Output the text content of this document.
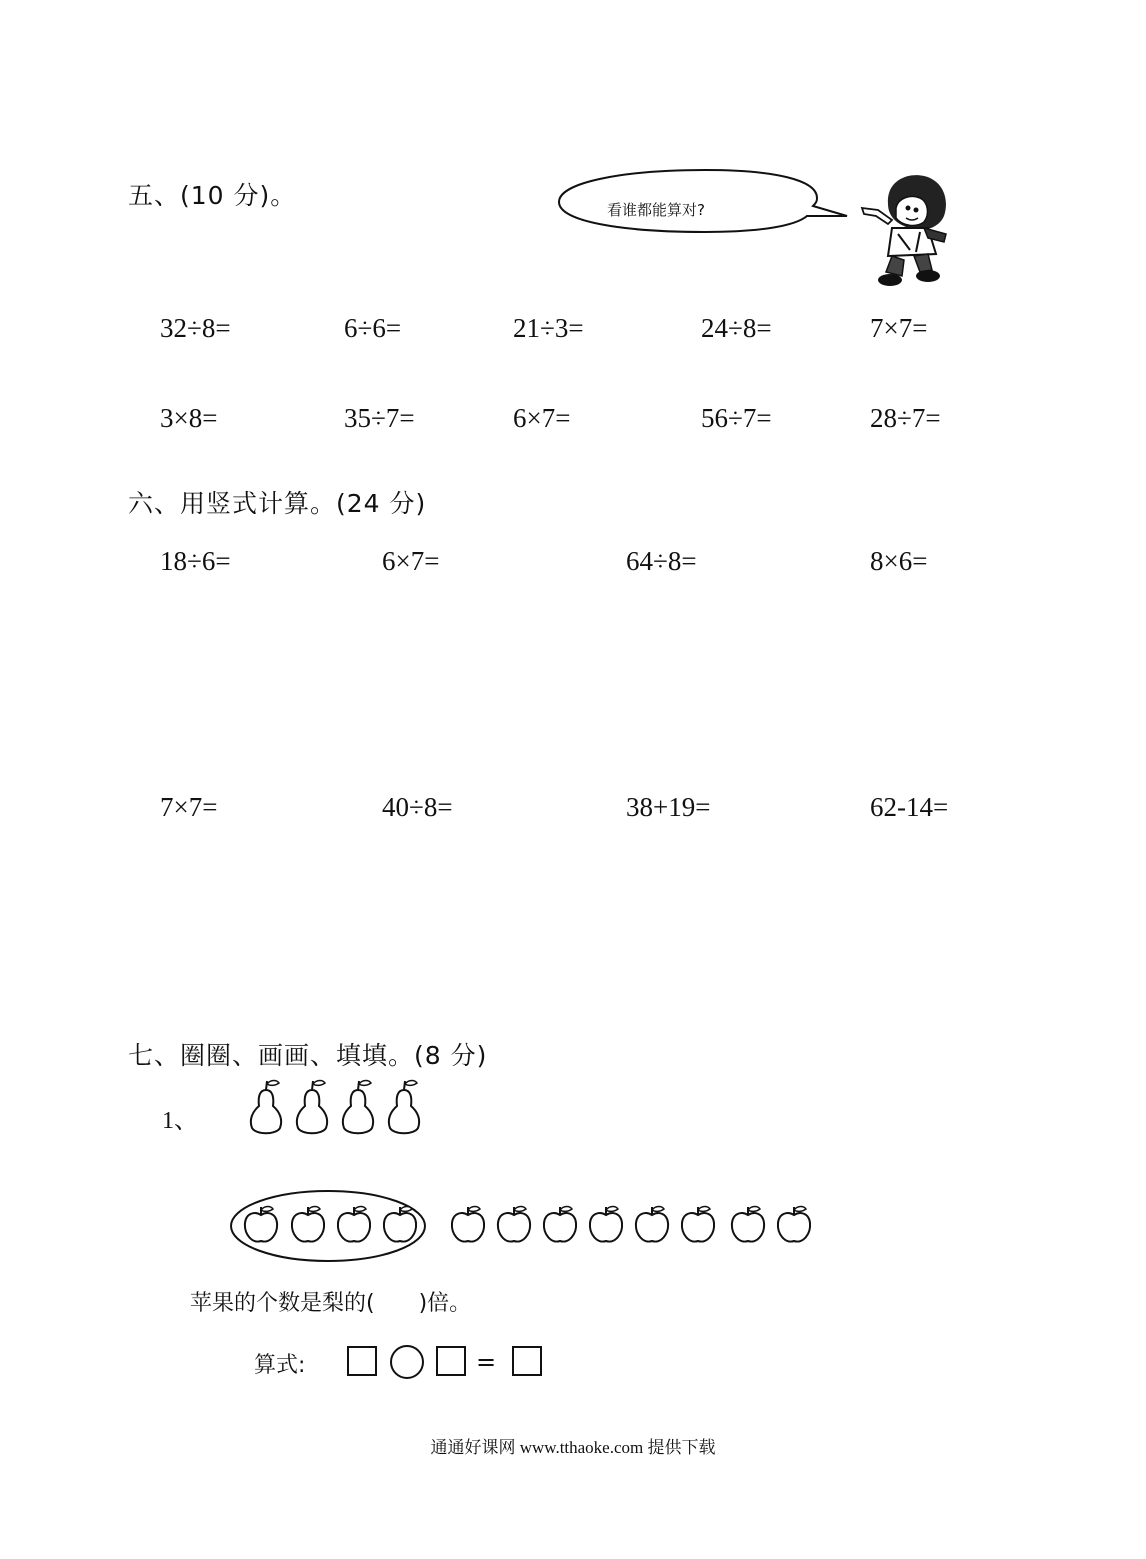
五、(10 分)。	看谁都能算对?
32÷8=	6÷6=	21÷3=	24÷8=	7×7=
3×8=	35÷7=	6×7=	56÷7=	28÷7=
六、用竖式计算。(24 分)
18÷6=	6×7=	64÷8=	8×6=
7×7=	40÷8=	38+19=	62-14=
七、圈圈、画画、填填。(8 分)
1、
苹果的个数是梨的(　　)倍。
算式:	=
通通好课网 www.tthaoke.com 提供下载
